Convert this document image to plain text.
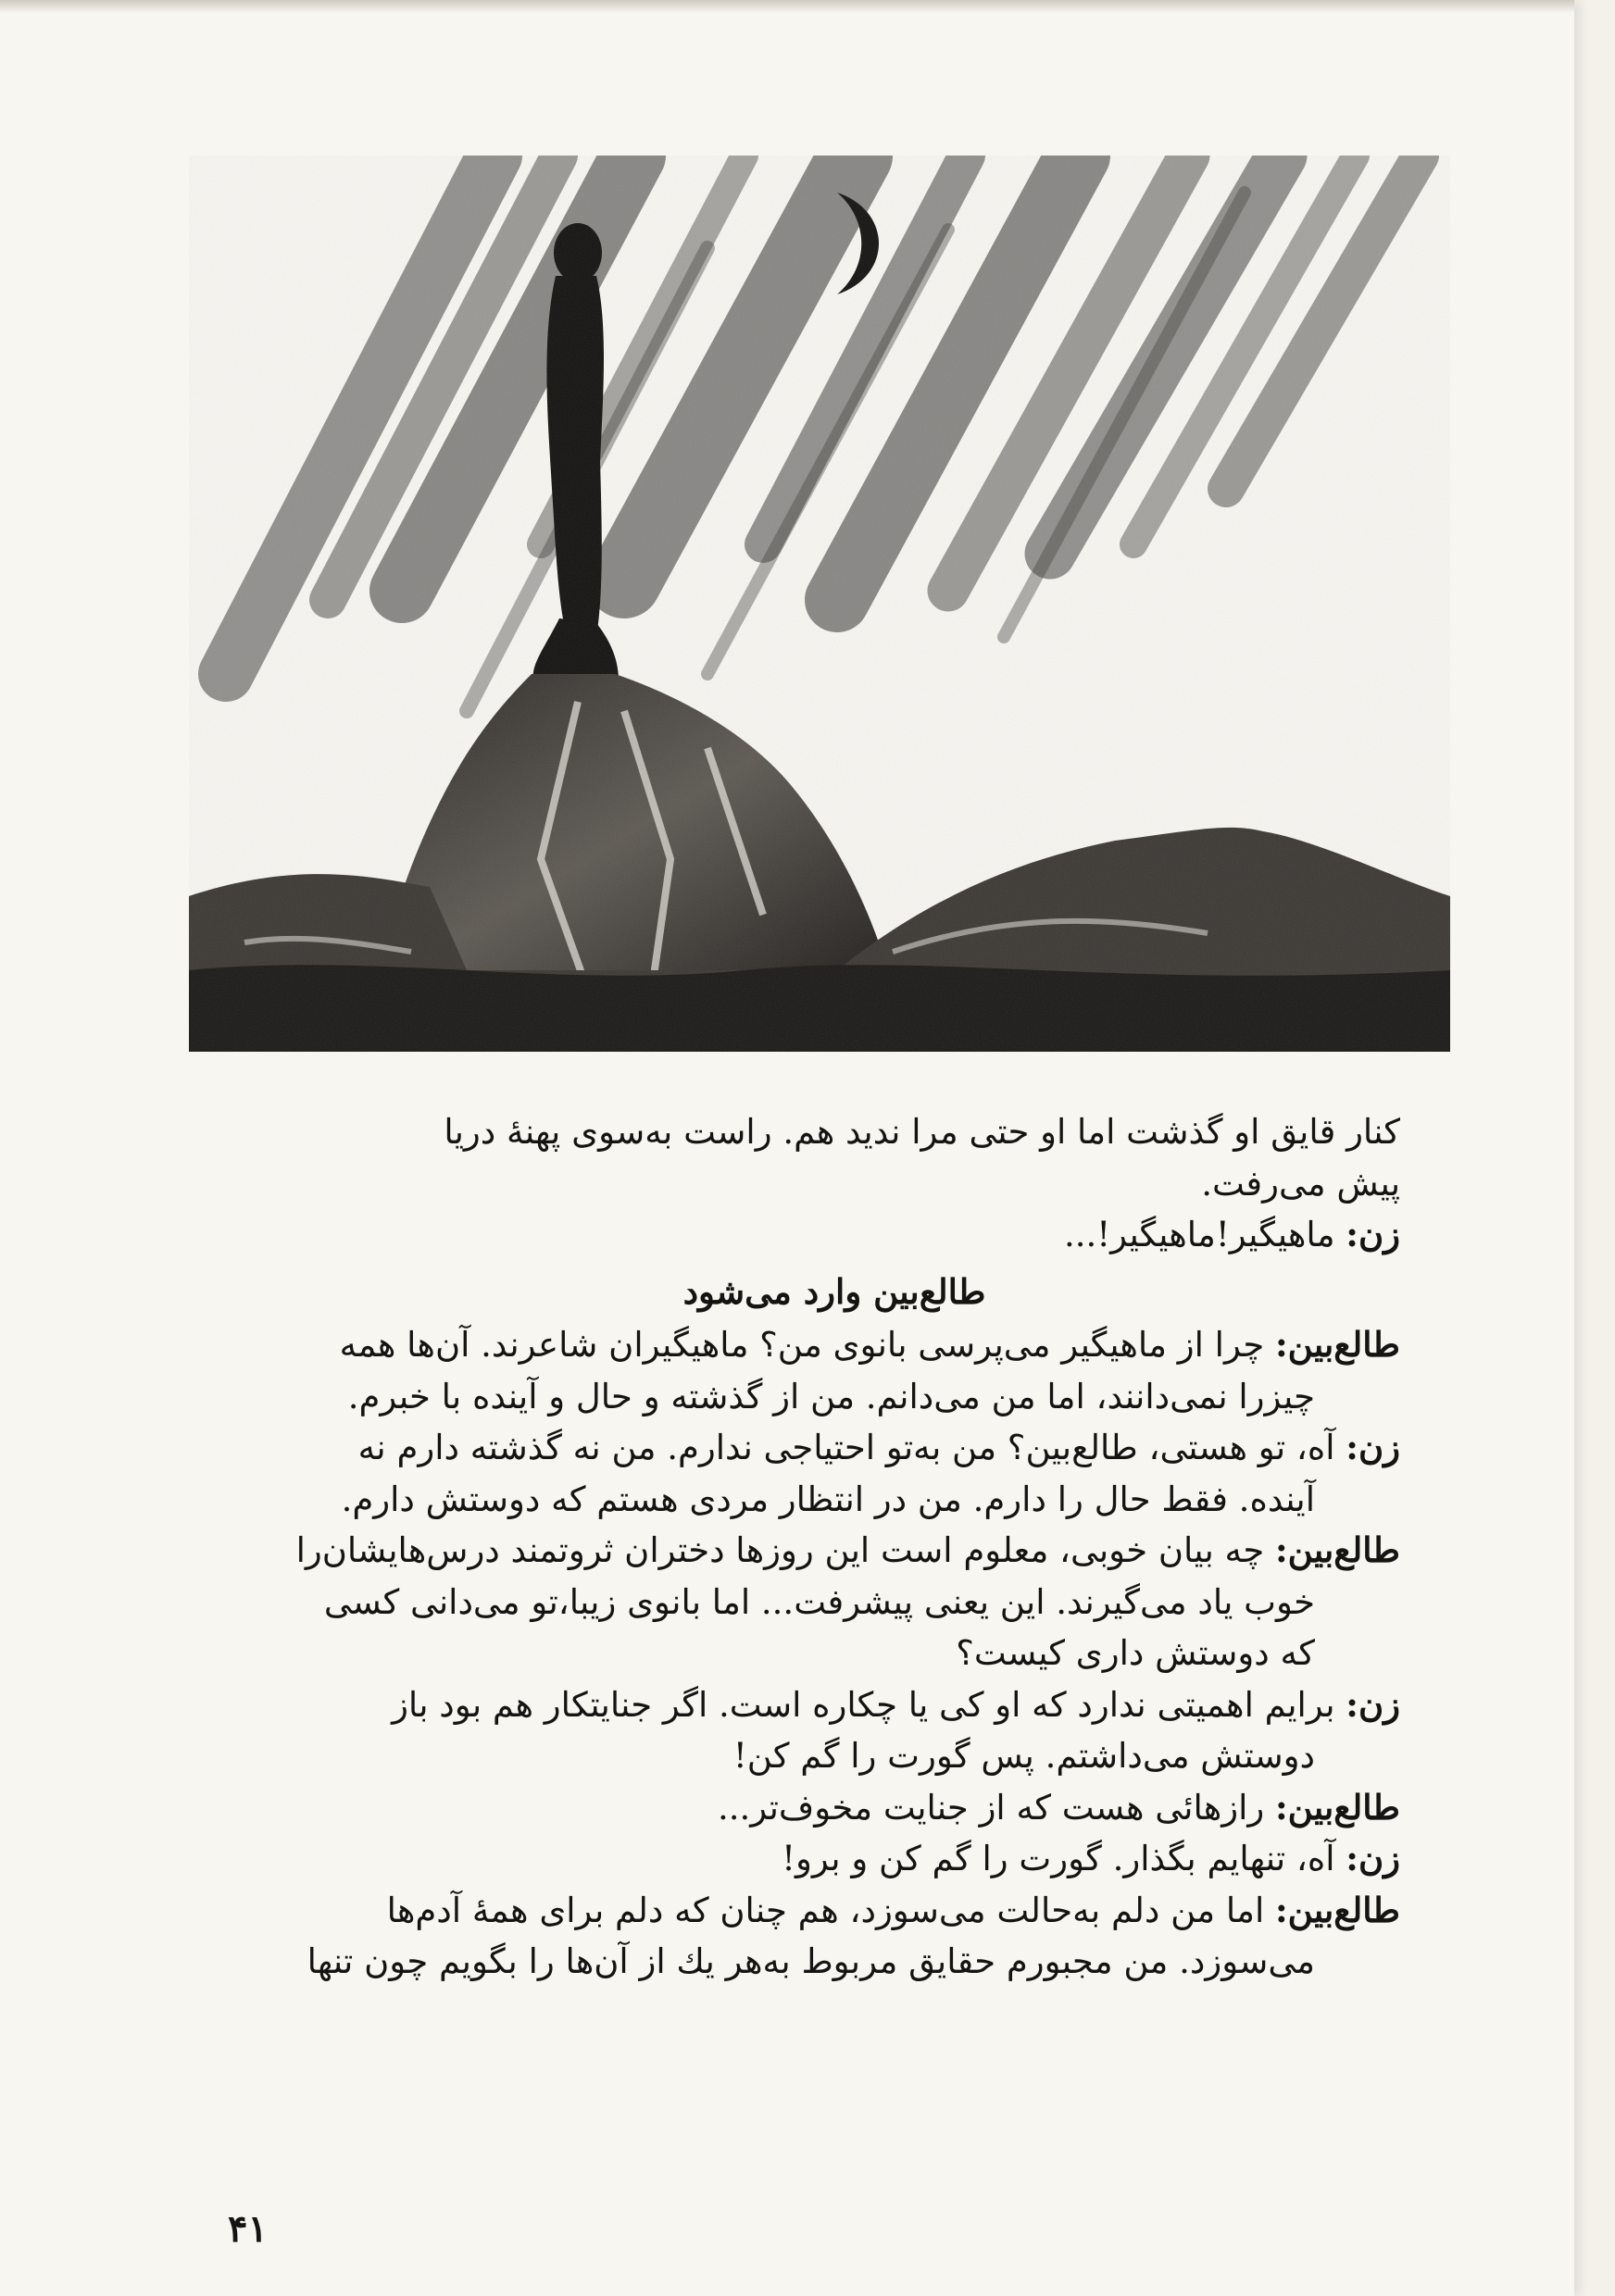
کنار قایق او گذشت اما او حتی مرا ندید هم. راست به‌سوی پهنهٔ دریا
پیش می‌رفت.

زن: ماهیگیر!ماهیگیر!...

طالع‌بین وارد می‌شود

طالع‌بین: چرا از ماهیگیر می‌پرسی بانوی من؟ ماهیگیران شاعرند. آن‌ها همه

چیزرا نمی‌دانند، اما من می‌دانم. من از گذشته و حال و آینده با خبرم.

زن: آه، تو هستی، طالع‌بین؟ من به‌تو احتیاجی ندارم. من نه گذشته دارم نه

آینده. فقط حال را دارم. من در انتظار مردی هستم که دوستش دارم.

طالع‌بین: چه بیان خوبی، معلوم است این روزها دختران ثروتمند درس‌هایشان‌را

خوب یاد می‌گیرند. این یعنی پیشرفت... اما بانوی زیبا،تو می‌دانی کسی
که دوستش داری کیست؟

زن: برایم اهمیتی ندارد که او کی یا چکاره است. اگر جنایتکار هم بود باز

دوستش می‌داشتم. پس گورت را گم کن!

طالع‌بین: رازهائی هست که از جنایت مخوف‌تر...

زن: آه، تنهایم بگذار. گورت را گم کن و برو!

طالع‌بین: اما من دلم به‌حالت می‌سوزد، هم چنان که دلم برای همهٔ آدم‌ها

می‌سوزد. من مجبورم حقایق مربوط به‌هر یك از آن‌ها را بگویم چون تنها

۴۱
